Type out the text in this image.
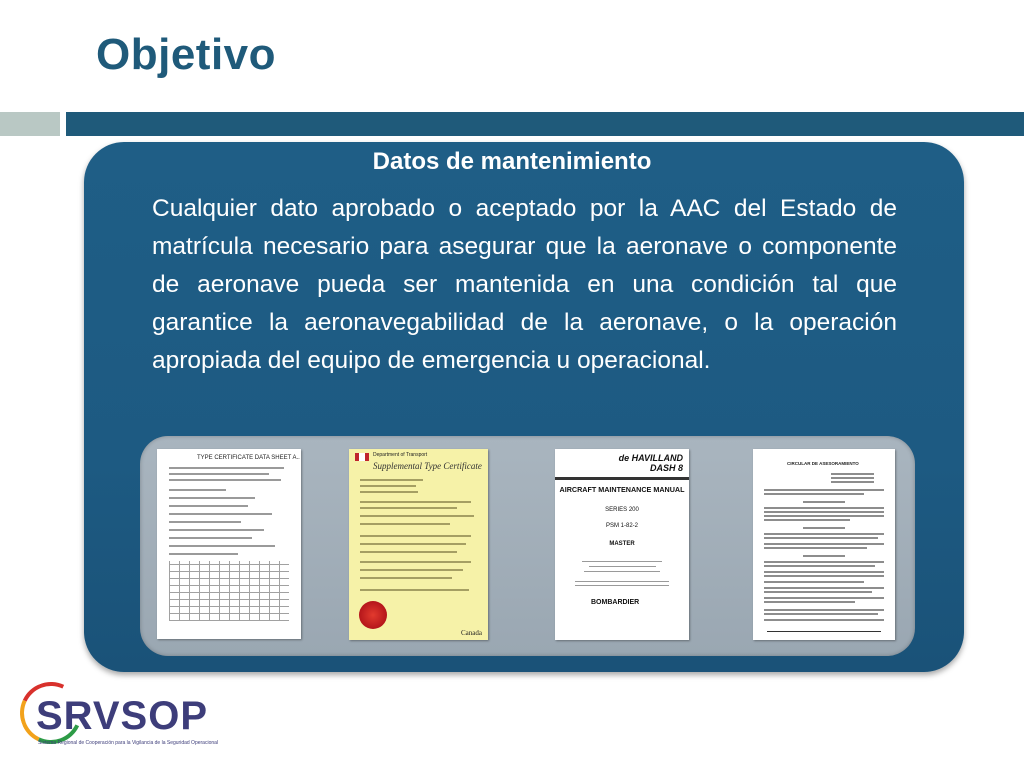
Objetivo
Datos de mantenimiento
Cualquier dato aprobado o aceptado por la AAC del Estado de matrícula necesario para asegurar que la aeronave o componente de aeronave pueda ser mantenida en una condición tal que garantice la aeronavegabilidad de la aeronave, o la operación apropiada del equipo de emergencia u operacional.
TYPE CERTIFICATE DATA SHEET A..	Department of Transport
Supplemental Type Certificate
Canada
de HAVILLAND
DASH 8
AIRCRAFT MAINTENANCE MANUAL
SERIES 200
PSM 1-82-2
MASTER
BOMBARDIER
CIRCULAR DE ASESORAMIENTO
SRVSOP
Sistema Regional de Cooperación para la Vigilancia de la Seguridad Operacional
